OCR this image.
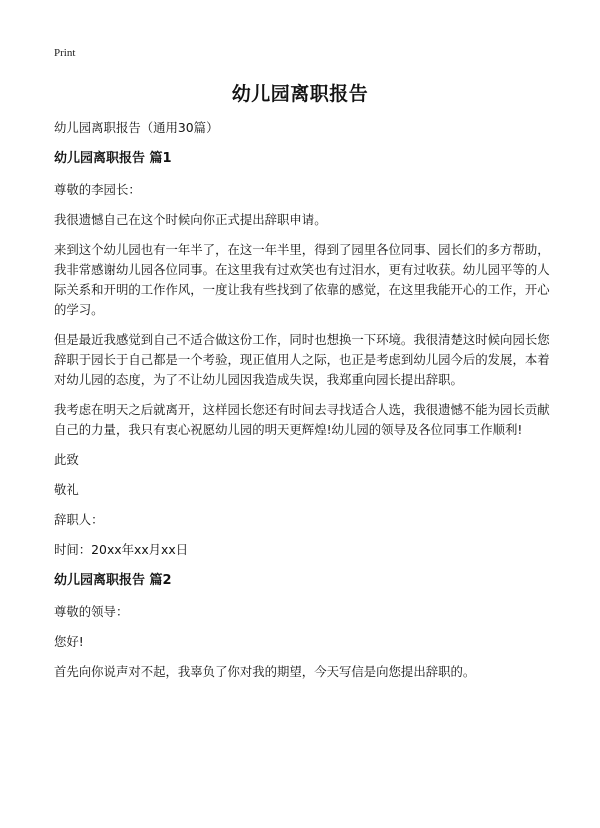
Print
幼儿园离职报告

幼儿园离职报告（通用30篇）

幼儿园离职报告 篇1

尊敬的李园长：

我很遗憾自己在这个时候向你正式提出辞职申请。

来到这个幼儿园也有一年半了，在这一年半里，得到了园里各位同事、园长们的多方帮助，我非常感谢幼儿园各位同事。在这里我有过欢笑也有过泪水，更有过收获。幼儿园平等的人际关系和开明的工作作风，一度让我有些找到了依靠的感觉，在这里我能开心的工作，开心的学习。

但是最近我感觉到自己不适合做这份工作，同时也想换一下环境。我很清楚这时候向园长您辞职于园长于自己都是一个考验，现正值用人之际，也正是考虑到幼儿园今后的发展，本着对幼儿园的态度，为了不让幼儿园因我造成失误，我郑重向园长提出辞职。

我考虑在明天之后就离开，这样园长您还有时间去寻找适合人选，我很遗憾不能为园长贡献自己的力量，我只有衷心祝愿幼儿园的明天更辉煌!幼儿园的领导及各位同事工作顺利!

此致

敬礼

辞职人：

时间：20xx年xx月xx日

幼儿园离职报告 篇2

尊敬的领导：

您好!

首先向你说声对不起，我辜负了你对我的期望，今天写信是向您提出辞职的。
